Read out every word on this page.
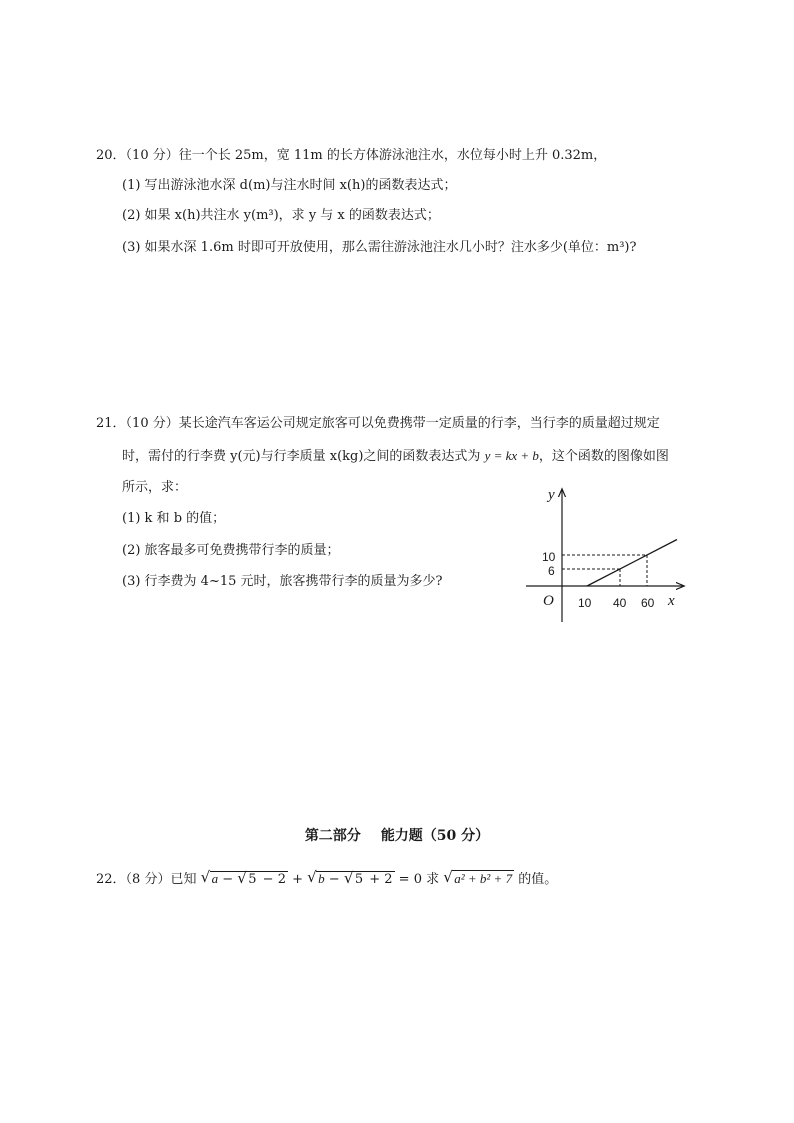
20．（10 分）往一个长 25m，宽 11m 的长方体游泳池注水，水位每小时上升 0.32m，
(1) 写出游泳池水深 d(m)与注水时间 x(h)的函数表达式；
(2) 如果 x(h)共注水 y(m³)，求 y 与 x 的函数表达式；
(3) 如果水深 1.6m 时即可开放使用，那么需往游泳池注水几小时？注水多少(单位：m³)?
21．（10 分）某长途汽车客运公司规定旅客可以免费携带一定质量的行李，当行李的质量超过规定
时，需付的行李费 y(元)与行李质量 x(kg)之间的函数表达式为 y = kx + b，这个函数的图像如图
所示，求：
(1) k 和 b 的值；
(2) 旅客最多可免费携带行李的质量；
(3) 行李费为 4~15 元时，旅客携带行李的质量为多少?
y
x
O
10
6
10 40 60
第二部分 能力题（50 分）
22．（8 分）已知 √ a − √ 5 − 2 + √ b − √ 5 + 2 = 0 求 √ a² + b² + 7 的值。
